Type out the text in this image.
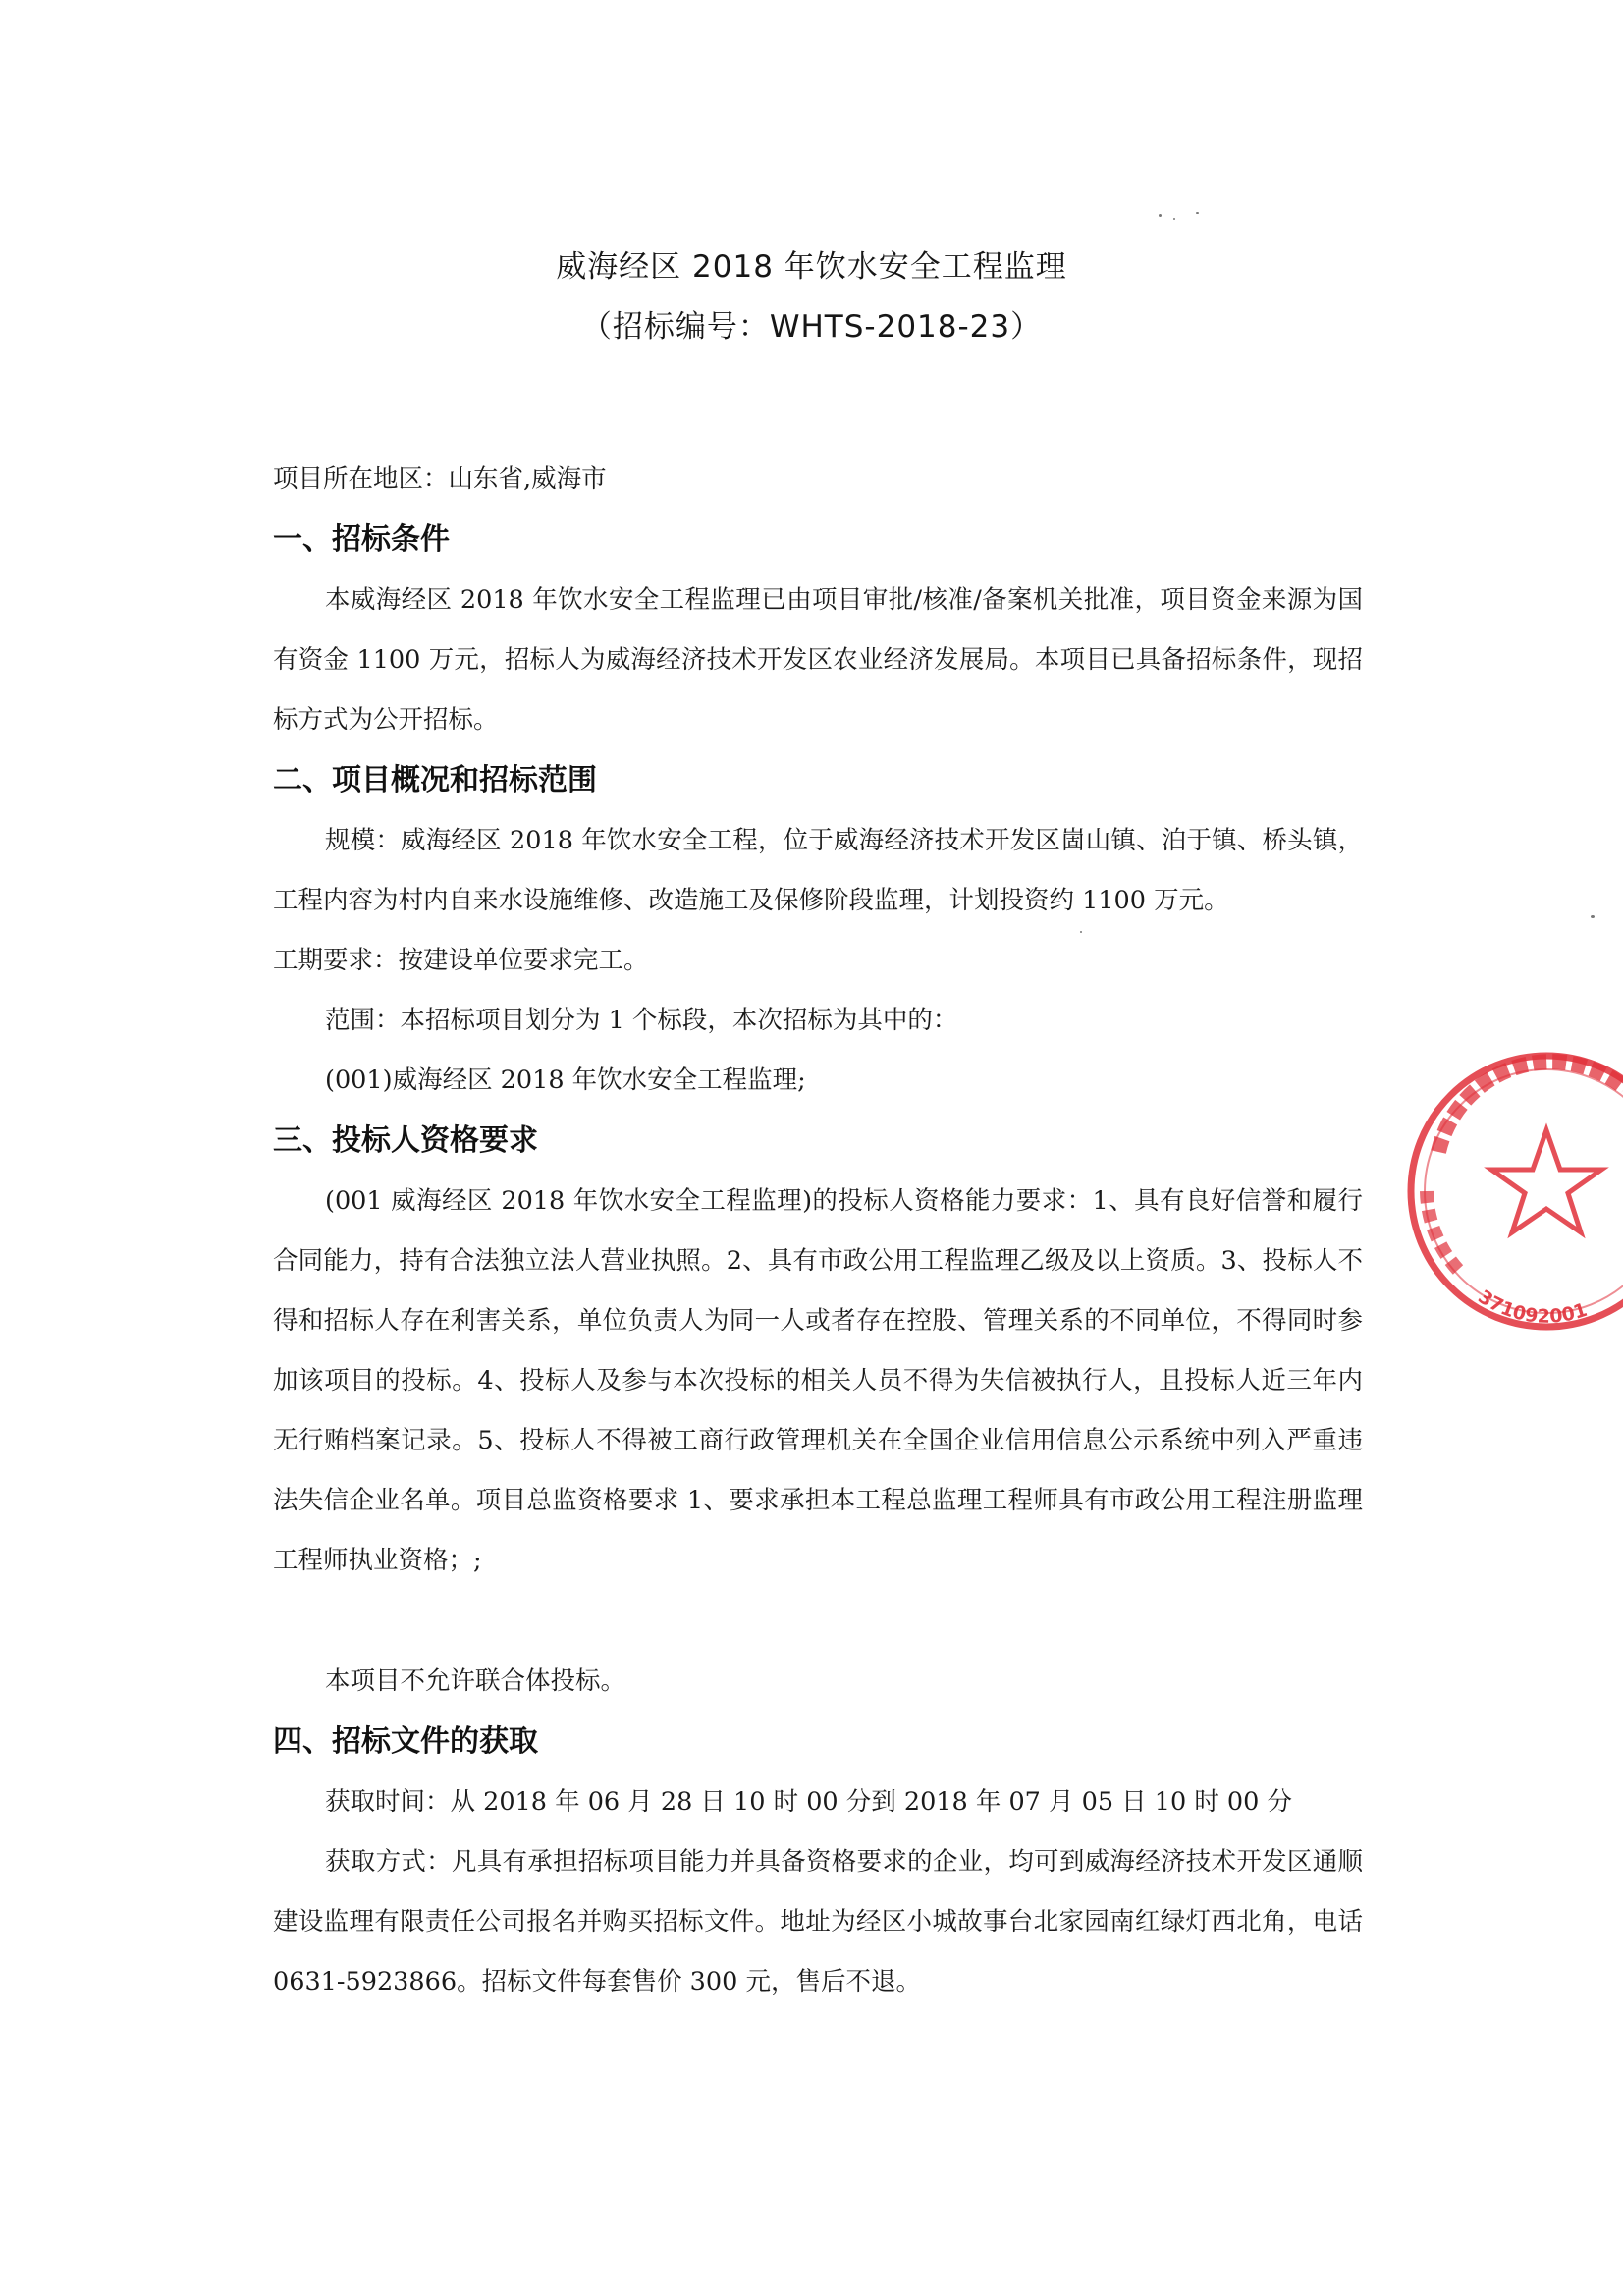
威海经区 2018 年饮水安全工程监理
（招标编号：WHTS-2018-23）

项目所在地区：山东省,威海市

一、招标条件

本威海经区 2018 年饮水安全工程监理已由项目审批/核准/备案机关批准，项目资金来源为国有资金 1100 万元，招标人为威海经济技术开发区农业经济发展局。本项目已具备招标条件，现招标方式为公开招标。

二、项目概况和招标范围

规模：威海经区 2018 年饮水安全工程，位于威海经济技术开发区崮山镇、泊于镇、桥头镇，工程内容为村内自来水设施维修、改造施工及保修阶段监理，计划投资约 1100 万元。

工期要求：按建设单位要求完工。

范围：本招标项目划分为 1 个标段，本次招标为其中的：

(001)威海经区 2018 年饮水安全工程监理;

三、投标人资格要求

(001 威海经区 2018 年饮水安全工程监理)的投标人资格能力要求：1、具有良好信誉和履行合同能力，持有合法独立法人营业执照。2、具有市政公用工程监理乙级及以上资质。3、投标人不得和招标人存在利害关系，单位负责人为同一人或者存在控股、管理关系的不同单位，不得同时参加该项目的投标。4、投标人及参与本次投标的相关人员不得为失信被执行人，且投标人近三年内无行贿档案记录。5、投标人不得被工商行政管理机关在全国企业信用信息公示系统中列入严重违法失信企业名单。项目总监资格要求 1、要求承担本工程总监理工程师具有市政公用工程注册监理工程师执业资格；;

本项目不允许联合体投标。

四、招标文件的获取

获取时间：从 2018 年 06 月 28 日 10 时 00 分到 2018 年 07 月 05 日 10 时 00 分

获取方式：凡具有承担招标项目能力并具备资格要求的企业，均可到威海经济技术开发区通顺建设监理有限责任公司报名并购买招标文件。地址为经区小城故事台北家园南红绿灯西北角，电话 0631-5923866。招标文件每套售价 300 元，售后不退。

371092001
